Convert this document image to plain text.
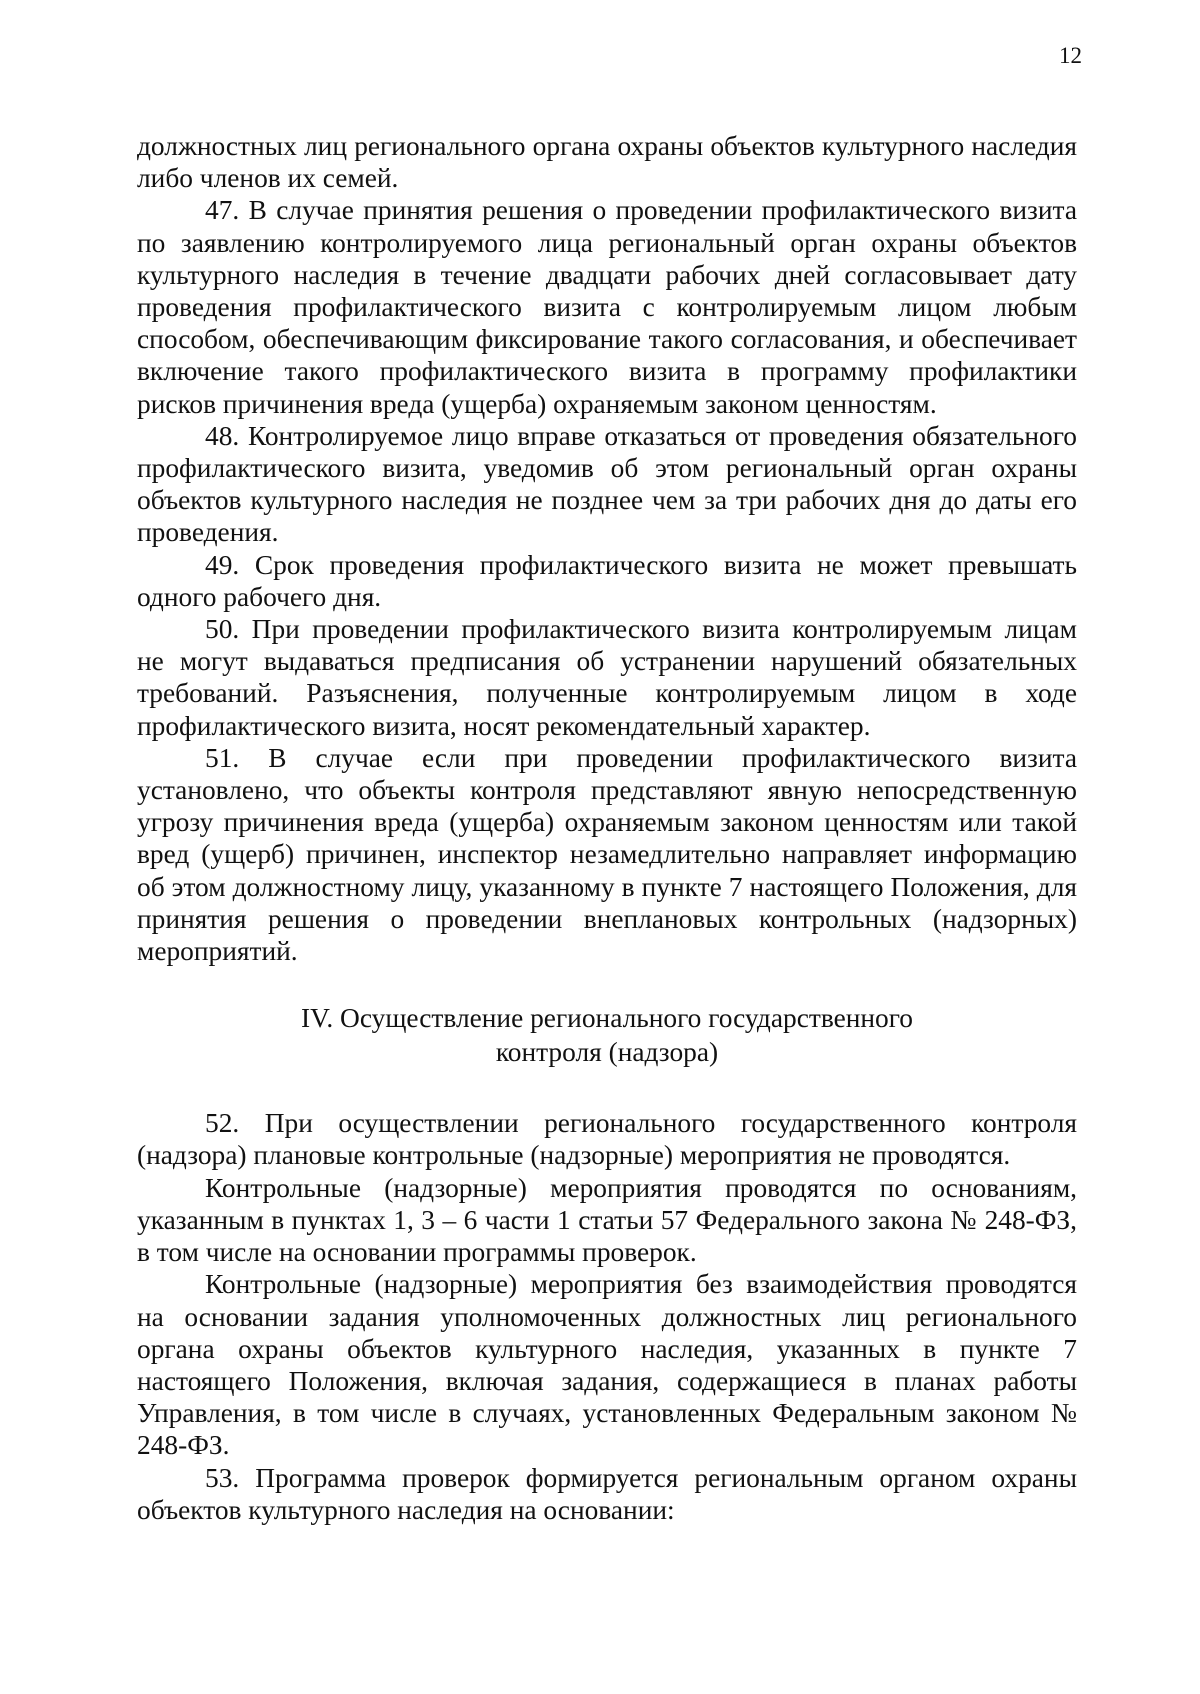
12

должностных лиц регионального органа охраны объектов культурного наследия либо членов их семей.

47. В случае принятия решения о проведении профилактического визита по заявлению контролируемого лица региональный орган охраны объектов культурного наследия в течение двадцати рабочих дней согласовывает дату проведения профилактического визита с контролируемым лицом любым способом, обеспечивающим фиксирование такого согласования, и обеспечивает включение такого профилактического визита в программу профилактики рисков причинения вреда (ущерба) охраняемым законом ценностям.

48. Контролируемое лицо вправе отказаться от проведения обязательного профилактического визита, уведомив об этом региональный орган охраны объектов культурного наследия не позднее чем за три рабочих дня до даты его проведения.

49. Срок проведения профилактического визита не может превышать одного рабочего дня.

50. При проведении профилактического визита контролируемым лицам не могут выдаваться предписания об устранении нарушений обязательных требований. Разъяснения, полученные контролируемым лицом в ходе профилактического визита, носят рекомендательный характер.

51. В случае если при проведении профилактического визита установлено, что объекты контроля представляют явную непосредственную угрозу причинения вреда (ущерба) охраняемым законом ценностям или такой вред (ущерб) причинен, инспектор незамедлительно направляет информацию об этом должностному лицу, указанному в пункте 7 настоящего Положения, для принятия решения о проведении внеплановых контрольных (надзорных) мероприятий.

IV. Осуществление регионального государственного
контроля (надзора)

52. При осуществлении регионального государственного контроля (надзора) плановые контрольные (надзорные) мероприятия не проводятся.

Контрольные (надзорные) мероприятия проводятся по основаниям, указанным в пунктах 1, 3 – 6 части 1 статьи 57 Федерального закона № 248-ФЗ, в том числе на основании программы проверок.

Контрольные (надзорные) мероприятия без взаимодействия проводятся на основании задания уполномоченных должностных лиц регионального органа охраны объектов культурного наследия, указанных в пункте 7 настоящего Положения, включая задания, содержащиеся в планах работы Управления, в том числе в случаях, установленных Федеральным законом № 248-ФЗ.

53. Программа проверок формируется региональным органом охраны объектов культурного наследия на основании:
